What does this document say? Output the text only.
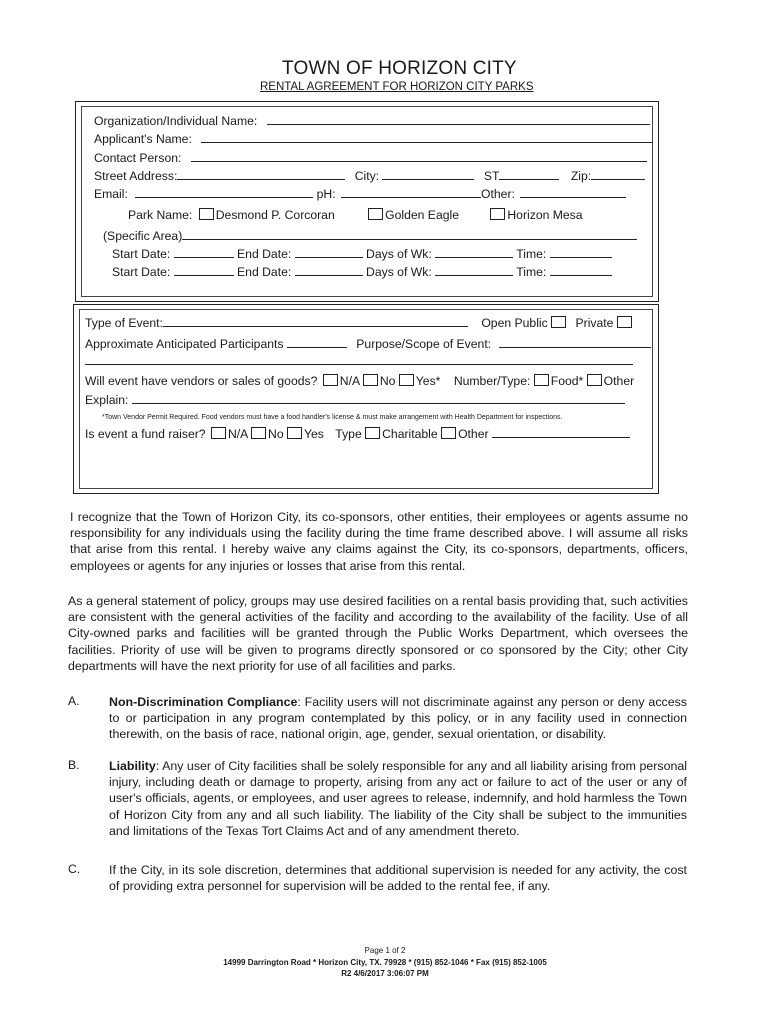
TOWN OF HORIZON CITY
RENTAL AGREEMENT FOR HORIZON CITY PARKS
Organization/Individual Name:
Applicant's Name:
Contact Person:
Street Address:	City:	ST	Zip:
Email:	pH:	Other:
Park Name: Desmond P. Corcoran	Golden Eagle	Horizon Mesa
(Specific Area)
Start Date:	End Date:	Days of Wk:	Time:
Start Date:	End Date:	Days of Wk:	Time:
Type of Event:	Open Public Private
Approximate Anticipated Participants	Purpose/Scope of Event:
Will event have vendors or sales of goods? N/A No Yes* Number/Type: Food* Other
Explain:
*Town Vendor Permit Required. Food vendors must have a food handler's license & must make arrangement with Health Department for inspections.
Is event a fund raiser? N/A No Yes Type Charitable Other
I recognize that the Town of Horizon City, its co-sponsors, other entities, their employees or agents assume no responsibility for any individuals using the facility during the time frame described above. I will assume all risks that arise from this rental. I hereby waive any claims against the City, its co-sponsors, departments, officers, employees or agents for any injuries or losses that arise from this rental.
As a general statement of policy, groups may use desired facilities on a rental basis providing that, such activities are consistent with the general activities of the facility and according to the availability of the facility. Use of all City-owned parks and facilities will be granted through the Public Works Department, which oversees the facilities. Priority of use will be given to programs directly sponsored or co sponsored by the City; other City departments will have the next priority for use of all facilities and parks.
A. Non-Discrimination Compliance: Facility users will not discriminate against any person or deny access to or participation in any program contemplated by this policy, or in any facility used in connection therewith, on the basis of race, national origin, age, gender, sexual orientation, or disability.
B. Liability: Any user of City facilities shall be solely responsible for any and all liability arising from personal injury, including death or damage to property, arising from any act or failure to act of the user or any of user's officials, agents, or employees, and user agrees to release, indemnify, and hold harmless the Town of Horizon City from any and all such liability. The liability of the City shall be subject to the immunities and limitations of the Texas Tort Claims Act and of any amendment thereto.
C. If the City, in its sole discretion, determines that additional supervision is needed for any activity, the cost of providing extra personnel for supervision will be added to the rental fee, if any.
Page 1 of 2
14999 Darrington Road * Horizon City, TX. 79928 * (915) 852-1046 * Fax (915) 852-1005
R2 4/6/2017 3:06:07 PM
